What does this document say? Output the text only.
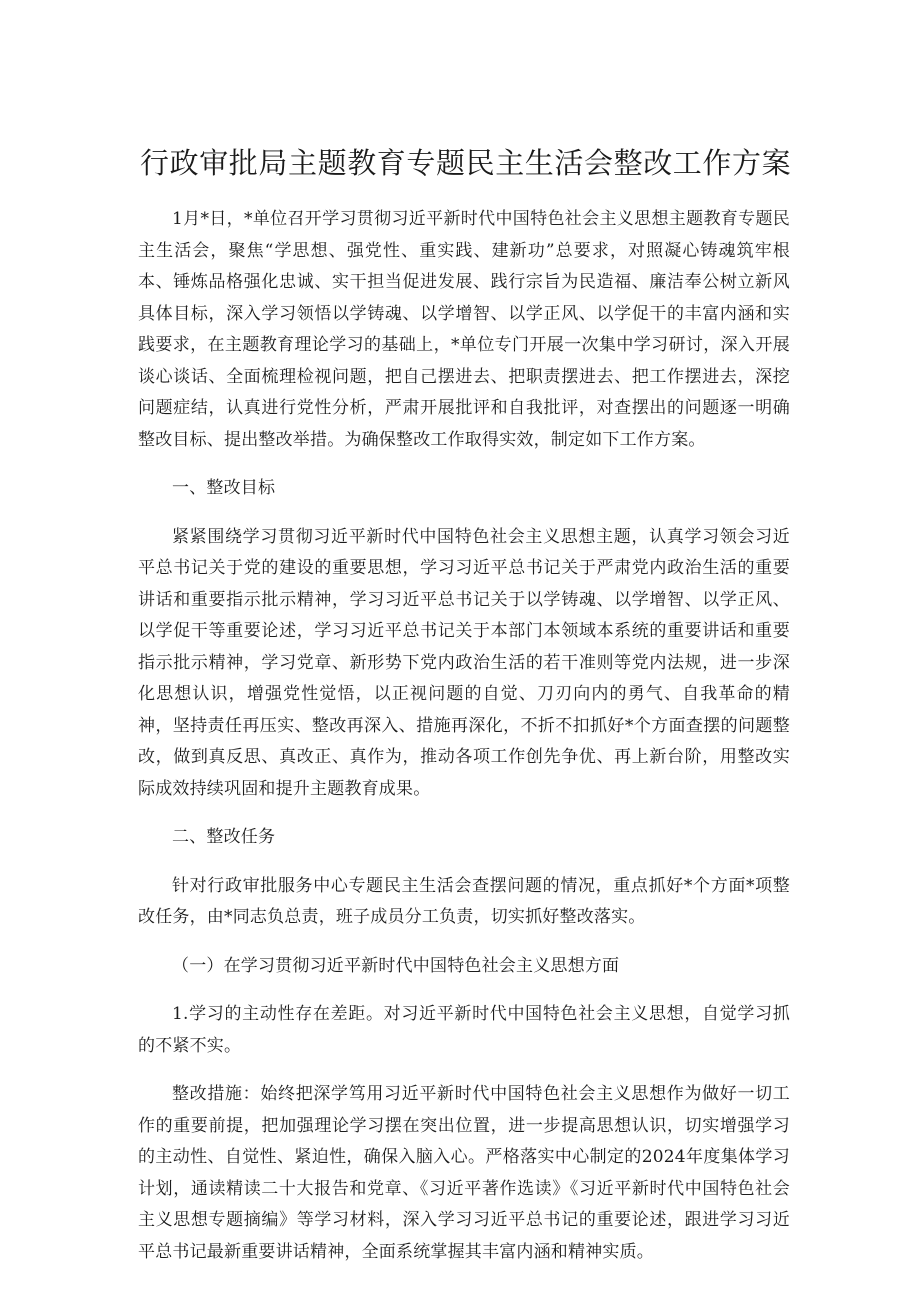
行政审批局主题教育专题民主生活会整改工作方案

1月*日，*单位召开学习贯彻习近平新时代中国特色社会主义思想主题教育专题民主生活会，聚焦“学思想、强党性、重实践、建新功”总要求，对照凝心铸魂筑牢根本、锤炼品格强化忠诚、实干担当促进发展、践行宗旨为民造福、廉洁奉公树立新风具体目标，深入学习领悟以学铸魂、以学增智、以学正风、以学促干的丰富内涵和实践要求，在主题教育理论学习的基础上，*单位专门开展一次集中学习研讨，深入开展谈心谈话、全面梳理检视问题，把自己摆进去、把职责摆进去、把工作摆进去，深挖问题症结，认真进行党性分析，严肃开展批评和自我批评，对查摆出的问题逐一明确整改目标、提出整改举措。为确保整改工作取得实效，制定如下工作方案。

一、整改目标

紧紧围绕学习贯彻习近平新时代中国特色社会主义思想主题，认真学习领会习近平总书记关于党的建设的重要思想，学习习近平总书记关于严肃党内政治生活的重要讲话和重要指示批示精神，学习习近平总书记关于以学铸魂、以学增智、以学正风、以学促干等重要论述，学习习近平总书记关于本部门本领域本系统的重要讲话和重要指示批示精神，学习党章、新形势下党内政治生活的若干准则等党内法规，进一步深化思想认识，增强党性觉悟，以正视问题的自觉、刀刃向内的勇气、自我革命的精神，坚持责任再压实、整改再深入、措施再深化，不折不扣抓好*个方面查摆的问题整改，做到真反思、真改正、真作为，推动各项工作创先争优、再上新台阶，用整改实际成效持续巩固和提升主题教育成果。

二、整改任务

针对行政审批服务中心专题民主生活会查摆问题的情况，重点抓好*个方面*项整改任务，由*同志负总责，班子成员分工负责，切实抓好整改落实。

（一）在学习贯彻习近平新时代中国特色社会主义思想方面

1.学习的主动性存在差距。对习近平新时代中国特色社会主义思想，自觉学习抓的不紧不实。

整改措施：始终把深学笃用习近平新时代中国特色社会主义思想作为做好一切工作的重要前提，把加强理论学习摆在突出位置，进一步提高思想认识，切实增强学习的主动性、自觉性、紧迫性，确保入脑入心。严格落实中心制定的2024年度集体学习计划，通读精读二十大报告和党章、《习近平著作选读》《习近平新时代中国特色社会主义思想专题摘编》等学习材料，深入学习习近平总书记的重要论述，跟进学习习近平总书记最新重要讲话精神，全面系统掌握其丰富内涵和精神实质。
